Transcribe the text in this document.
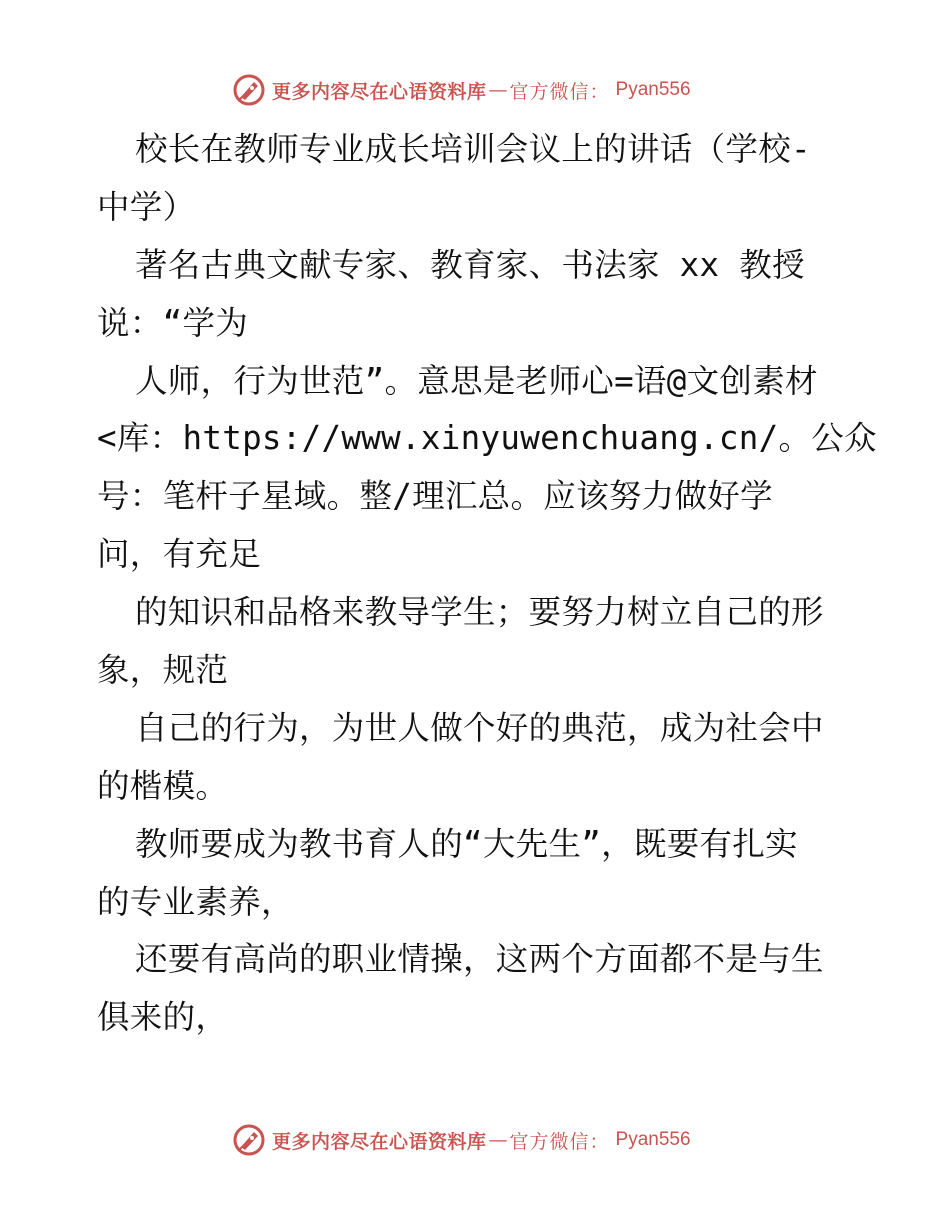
更多内容尽在心语资料库 — 官方微信： Pyan556
校长在教师专业成长培训会议上的讲话（学校-
中学）
著名古典文献专家、教育家、书法家 xx 教授
说：“学为
人师，行为世范”。意思是老师心=语@文创素材
<库：https://www.xinyuwenchuang.cn/。公众
号：笔杆子星域。整/理汇总。应该努力做好学
问，有充足
的知识和品格来教导学生；要努力树立自己的形
象，规范
自己的行为，为世人做个好的典范，成为社会中
的楷模。
教师要成为教书育人的“大先生”，既要有扎实
的专业素养，
还要有高尚的职业情操，这两个方面都不是与生
俱来的，
更多内容尽在心语资料库 — 官方微信： Pyan556
